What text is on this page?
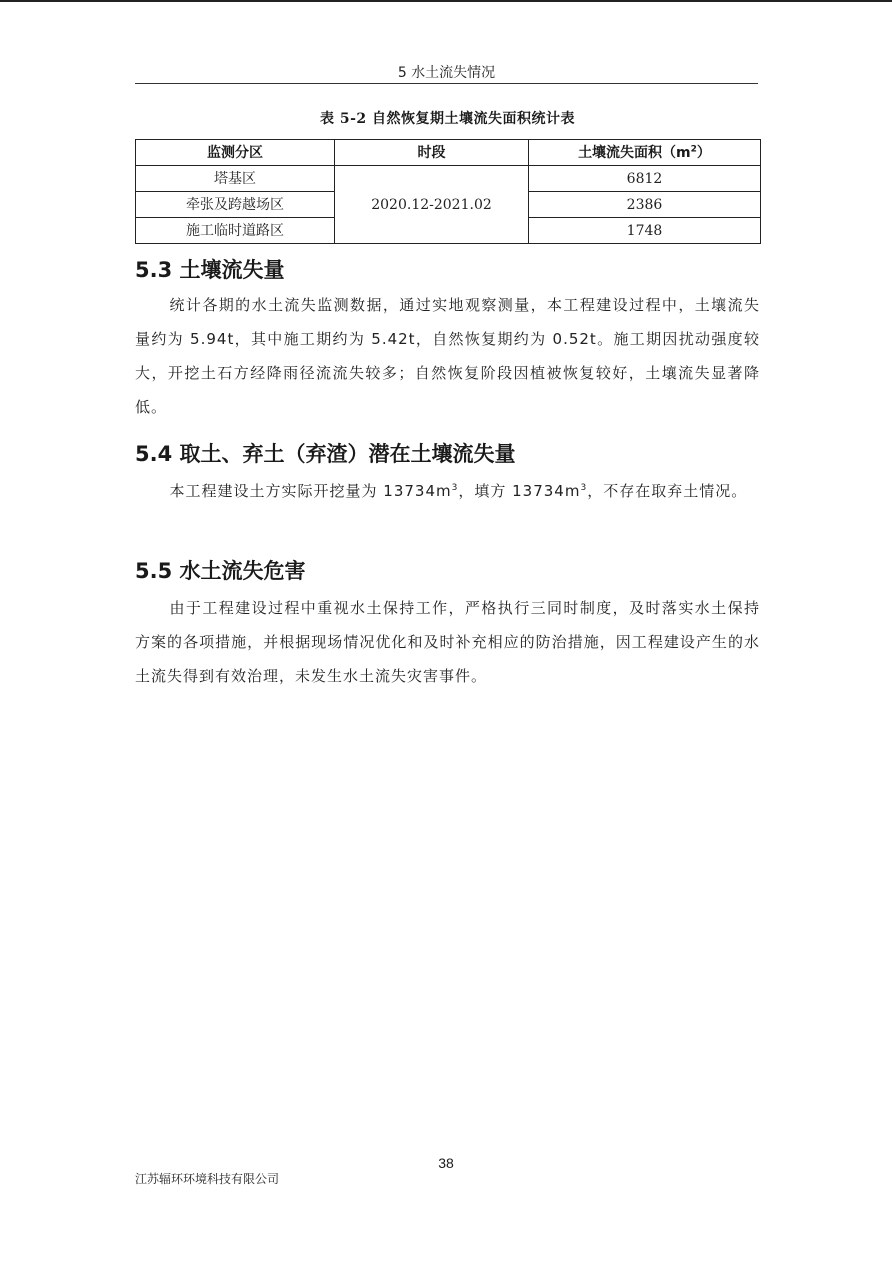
5 水土流失情况
表 5-2 自然恢复期土壤流失面积统计表
监测分区	时段	土壤流失面积$(m^2)$
塔基区	2020.12-2021.02	6812
牵张及跨越场区		2386
施工临时道路区		1748
5.3 土壤流失量

统计各期的水土流失监测数据，通过实地观察测量，本工程建设过程中，土壤流失量约为 5.94t，其中施工期约为 5.42t，自然恢复期约为 0.52t。施工期因扰动强度较大，开挖土石方经降雨径流流失较多；自然恢复阶段因植被恢复较好，土壤流失显著降低。

5.4 取土、弃土（弃渣）潜在土壤流失量

本工程建设土方实际开挖量为 $13734m^3$，填方 $13734m^3$，不存在取弃土情况。

5.5 水土流失危害

由于工程建设过程中重视水土保持工作，严格执行三同时制度，及时落实水土保持方案的各项措施，并根据现场情况优化和及时补充相应的防治措施，因工程建设产生的水土流失得到有效治理，未发生水土流失灾害事件。

38
江苏辐环环境科技有限公司
